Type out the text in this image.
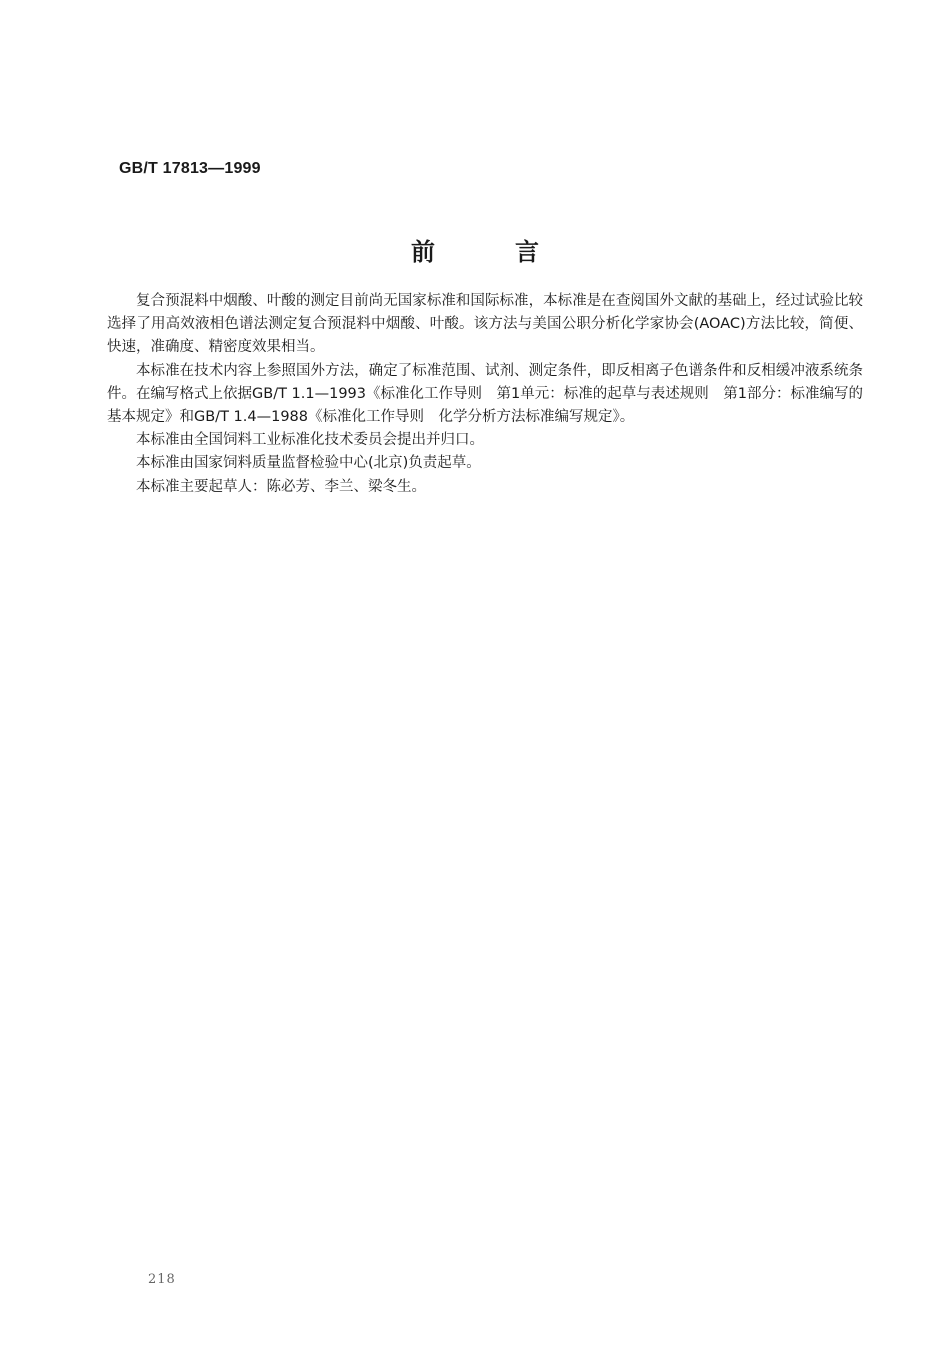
GB/T 17813—1999

前言

复合预混料中烟酸、叶酸的测定目前尚无国家标准和国际标准，本标准是在查阅国外文献的基础上，经过试验比较选择了用高效液相色谱法测定复合预混料中烟酸、叶酸。该方法与美国公职分析化学家协会(AOAC)方法比较，简便、快速，准确度、精密度效果相当。

本标准在技术内容上参照国外方法，确定了标准范围、试剂、测定条件，即反相离子色谱条件和反相缓冲液系统条件。在编写格式上依据GB/T 1.1—1993《标准化工作导则　第1单元：标准的起草与表述规则　第1部分：标准编写的基本规定》和GB/T 1.4—1988《标准化工作导则　化学分析方法标准编写规定》。

本标准由全国饲料工业标准化技术委员会提出并归口。

本标准由国家饲料质量监督检验中心(北京)负责起草。

本标准主要起草人：陈必芳、李兰、梁冬生。

218
